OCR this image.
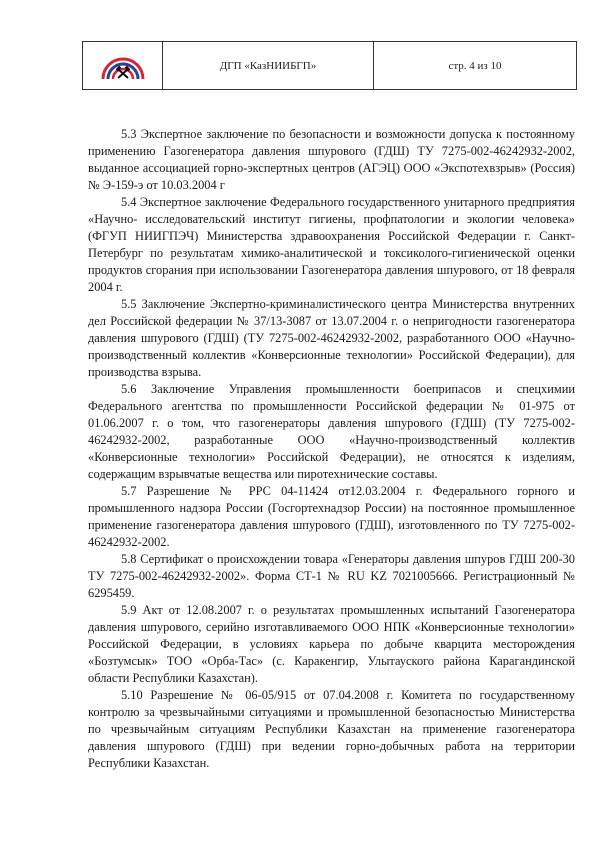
ДГП «КазНИИБГП»	стр. 4 из 10

5.3 Экспертное заключение по безопасности и возможности допуска к постоянному применению Газогенератора давления шпурового (ГДШ) ТУ 7275-002-46242932-2002, выданное ассоциацией горно-экспертных центров (АГЭЦ) ООО «Экспотехвзрыв» (Россия) № Э-159-э от 10.03.2004 г

5.4 Экспертное заключение Федерального государственного унитарного предприятия «Научно- исследовательский институт гигиены, профпатологии и экологии человека» (ФГУП НИИГПЭЧ) Министерства здравоохранения Российской Федерации г. Санкт-Петербург по результатам химико-аналитической и токсиколого-гигиенической оценки продуктов сгорания при использовании Газогенератора давления шпурового, от 18 февраля 2004 г.

5.5 Заключение Экспертно-криминалистического центра Министерства внутренних дел Российской федерации № 37/13-3087 от 13.07.2004 г. о непригодности газогенератора давления шпурового (ГДШ) (ТУ 7275-002-46242932-2002, разработанного ООО «Научно-производственный коллектив «Конверсионные технологии» Российской Федерации), для производства взрыва.

5.6 Заключение Управления промышленности боеприпасов и спецхимии Федерального агентства по промышленности Российской федерации № 01-975 от 01.06.2007 г. о том, что газогенераторы давления шпурового (ГДШ) (ТУ 7275-002-46242932-2002, разработанные ООО «Научно-производственный коллектив «Конверсионные технологии» Российской Федерации), не относятся к изделиям, содержащим взрывчатые вещества или пиротехнические составы.

5.7 Разрешение № РРС 04-11424 от12.03.2004 г. Федерального горного и промышленного надзора России (Госгортехнадзор России) на постоянное промышленное применение газогенератора давления шпурового (ГДШ), изготовленного по ТУ 7275-002-46242932-2002.

5.8 Сертификат о происхождении товара «Генераторы давления шпуров ГДШ 200-30 ТУ 7275-002-46242932-2002». Форма СТ-1 № RU KZ 7021005666. Регистрационный № 6295459.

5.9 Акт от 12.08.2007 г. о результатах промышленных испытаний Газогенератора давления шпурового, серийно изготавливаемого ООО НПК «Конверсионные технологии» Российской Федерации, в условиях карьера по добыче кварцита месторождения «Бозтумсык» ТОО «Орба-Тас» (с. Каракенгир, Улытауского района Карагандинской области Республики Казахстан).

5.10 Разрешение № 06-05/915 от 07.04.2008 г. Комитета по государственному контролю за чрезвычайными ситуациями и промышленной безопасностью Министерства по чрезвычайным ситуациям Республики Казахстан на применение газогенератора давления шпурового (ГДШ) при ведении горно-добычных работа на территории Республики Казахстан.
